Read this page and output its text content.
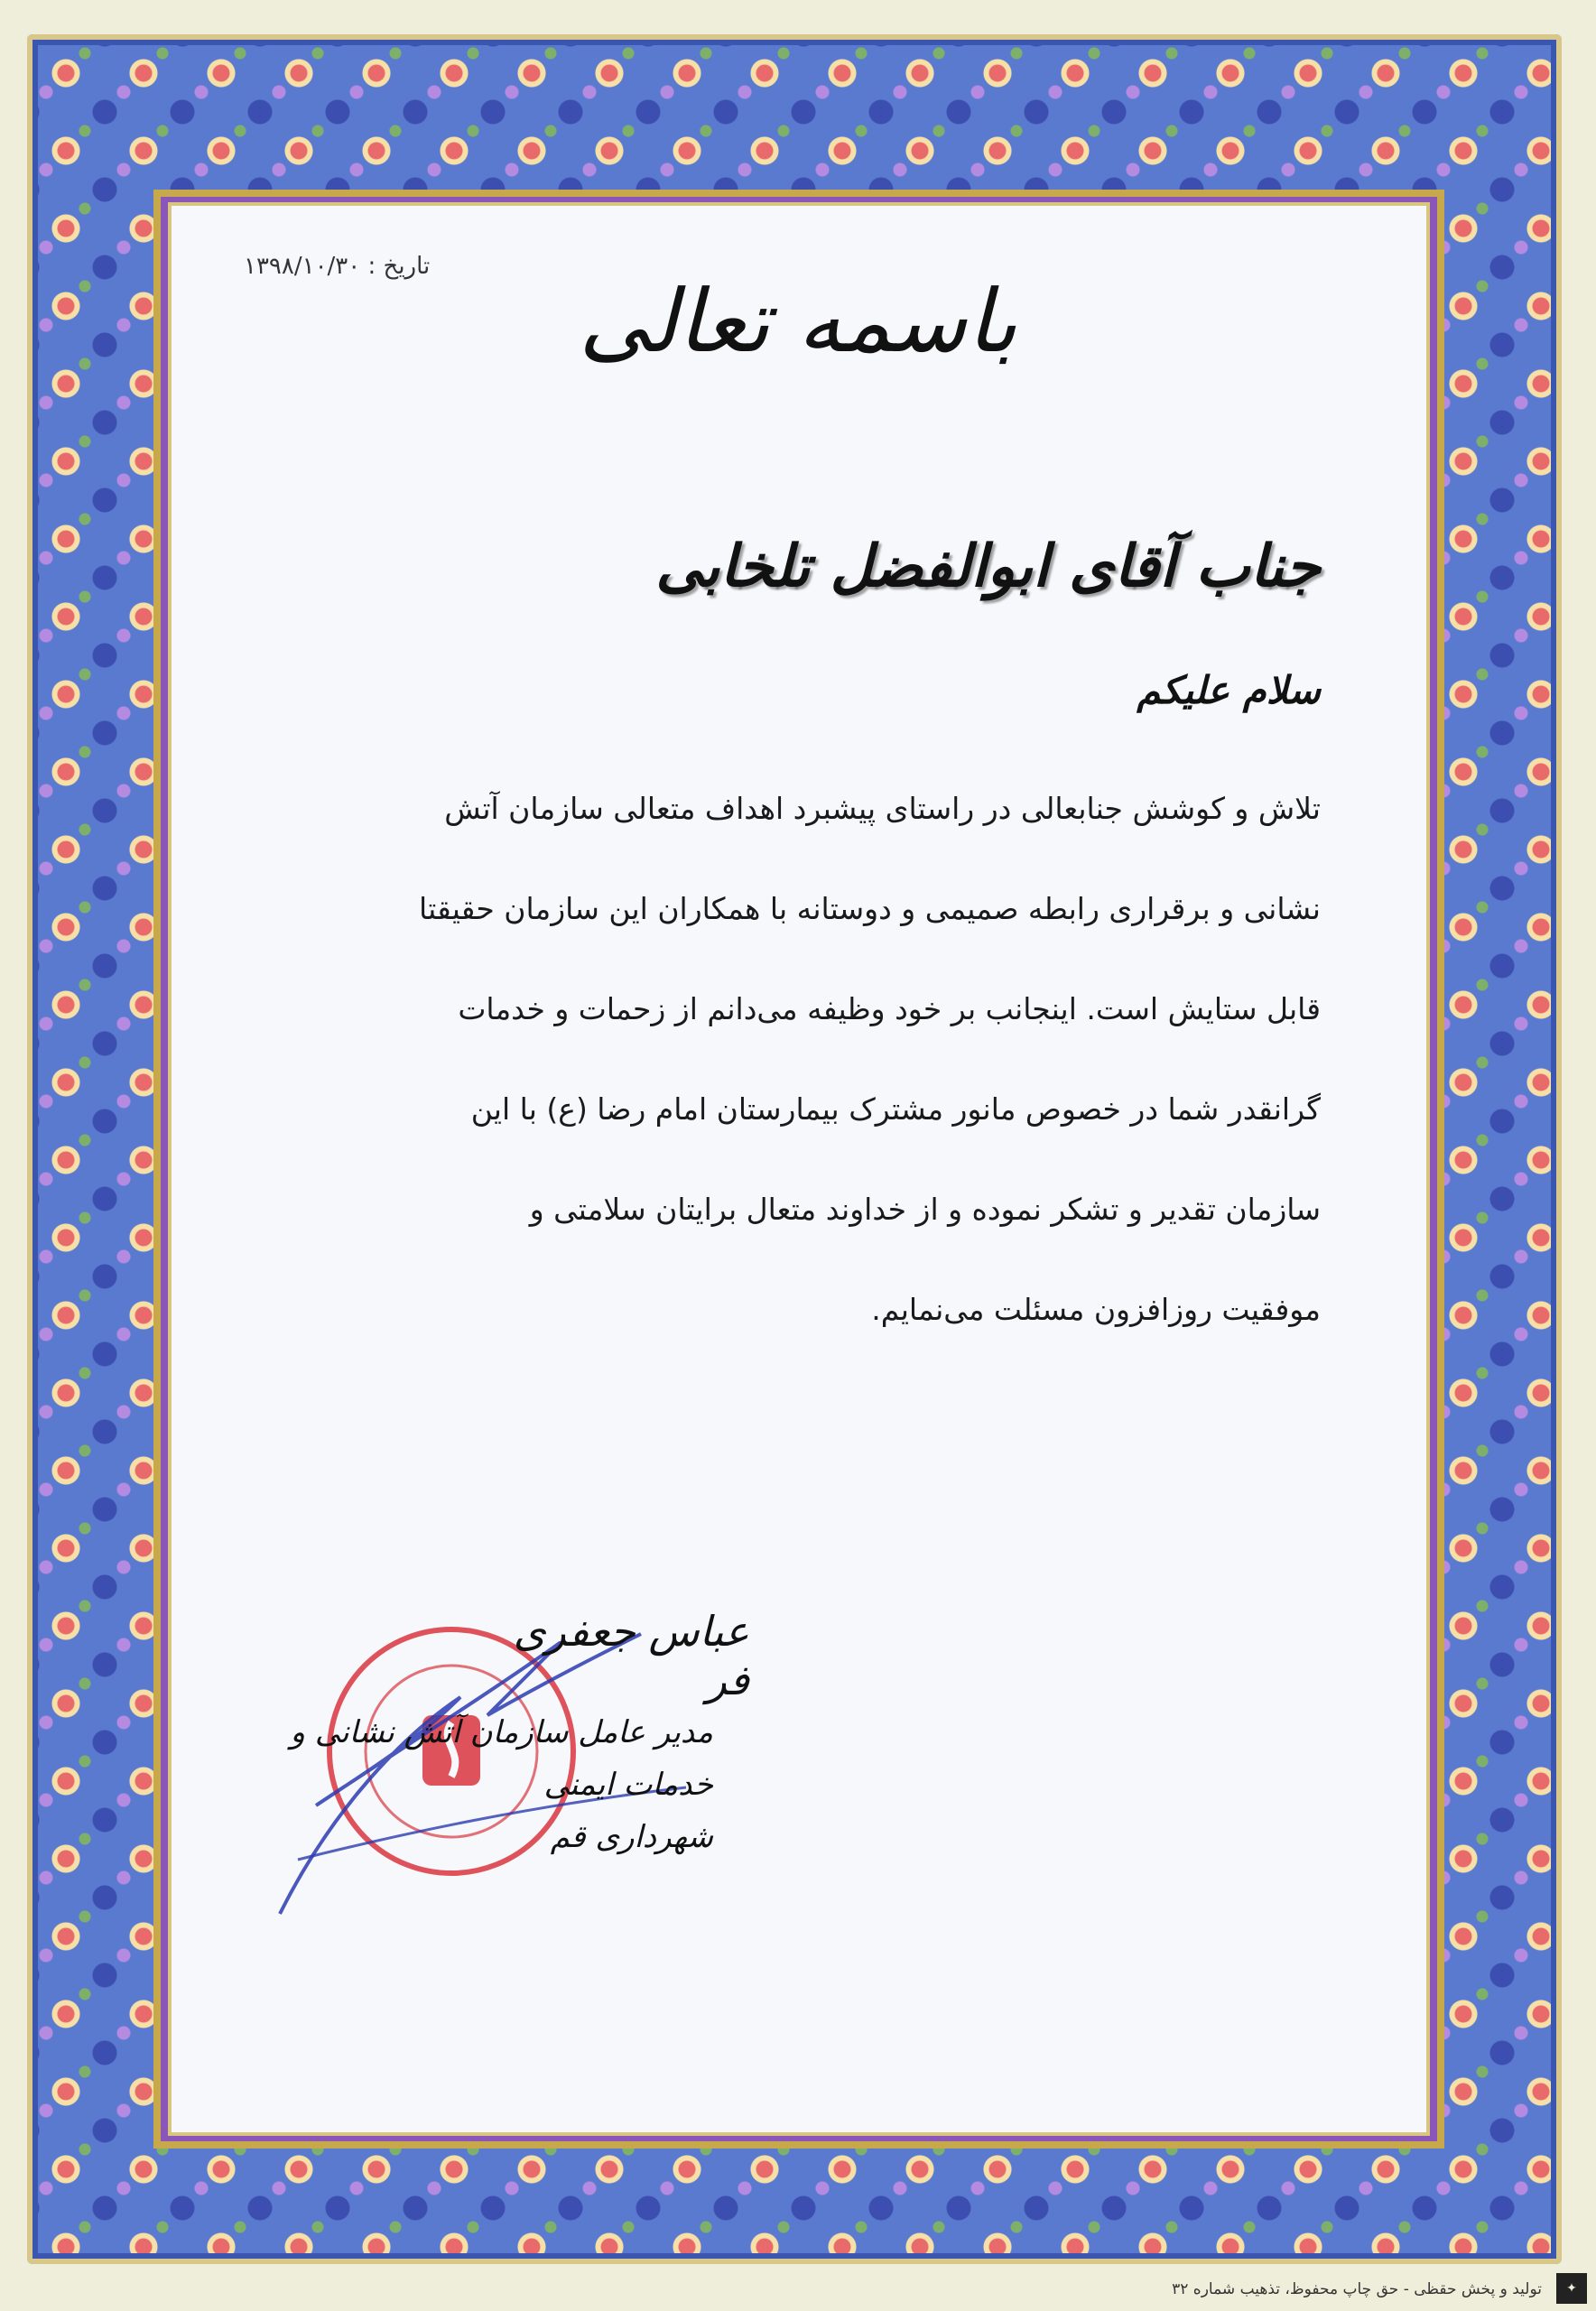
تاریخ : ۱۳۹۸/۱۰/۳۰
باسمه تعالی
جناب آقای ابوالفضل تلخابی
سلام علیکم
تلاش و کوشش جنابعالی در راستای پیشبرد اهداف متعالی سازمان آتش
نشانی و برقراری رابطه صمیمی و دوستانه با همکاران این سازمان حقیقتا
قابل ستایش است. اینجانب بر خود وظیفه می‌دانم از زحمات و خدمات
گرانقدر شما در خصوص مانور مشترک بیمارستان امام رضا (ع) با این
سازمان تقدیر و تشکر نموده و از خداوند متعال برایتان سلامتی و
موفقیت روزافزون مسئلت می‌نمایم.
عباس جعفری فر
مدیر عامل سازمان آتش نشانی و خدمات ایمنی
شهرداری قم
تولید و پخش حقظی - حق چاپ محفوظ، تذهیب شماره ۳۲	✦
